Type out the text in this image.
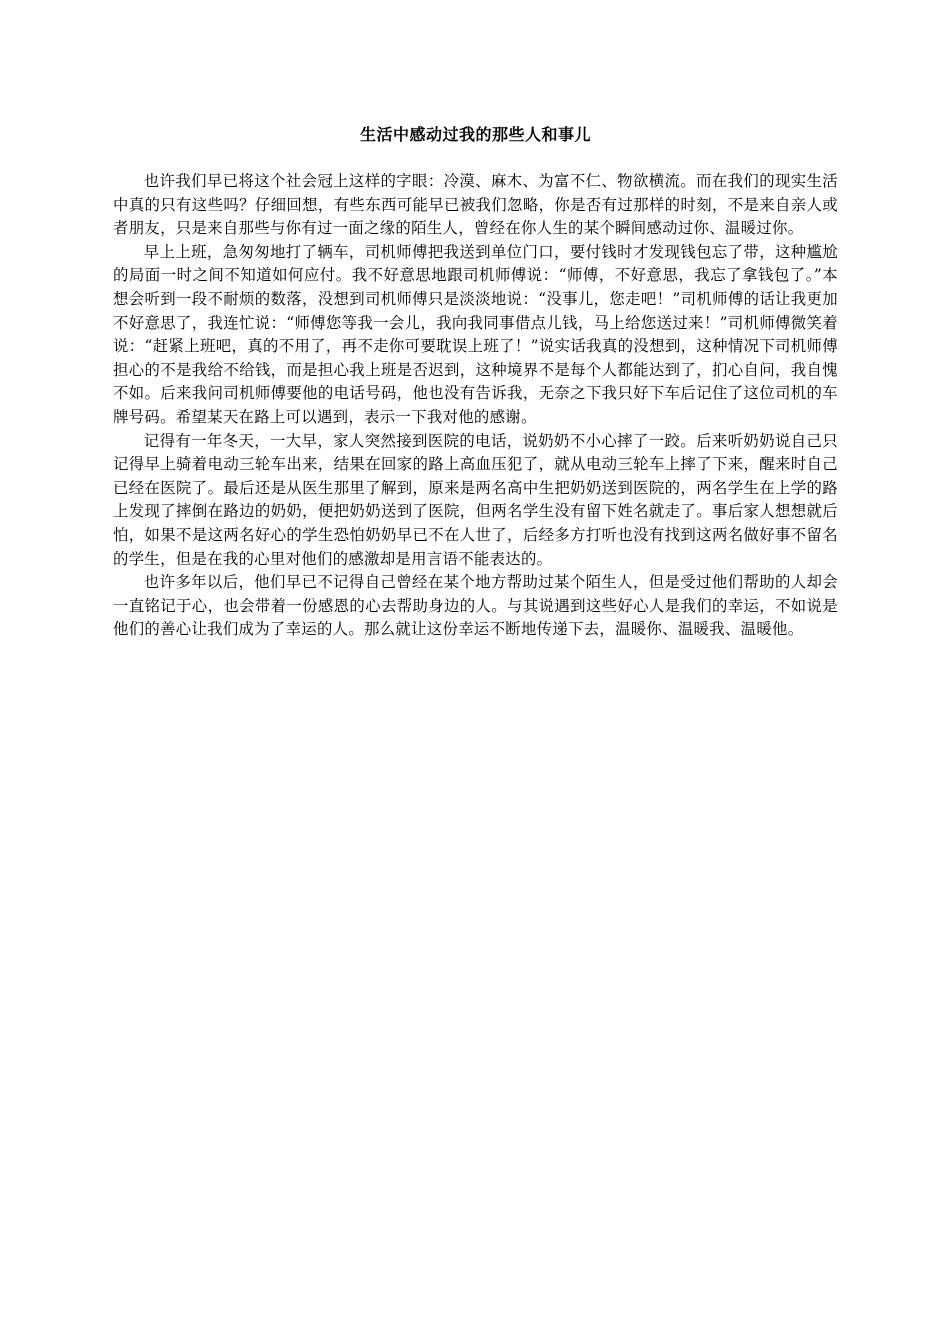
生活中感动过我的那些人和事儿

也许我们早已将这个社会冠上这样的字眼：冷漠、麻木、为富不仁、物欲横流。而在我们的现实生活中真的只有这些吗？仔细回想，有些东西可能早已被我们忽略，你是否有过那样的时刻，不是来自亲人或者朋友，只是来自那些与你有过一面之缘的陌生人，曾经在你人生的某个瞬间感动过你、温暖过你。

早上上班，急匆匆地打了辆车，司机师傅把我送到单位门口，要付钱时才发现钱包忘了带，这种尴尬的局面一时之间不知道如何应付。我不好意思地跟司机师傅说：“师傅，不好意思，我忘了拿钱包了。”本想会听到一段不耐烦的数落，没想到司机师傅只是淡淡地说：“没事儿，您走吧！”司机师傅的话让我更加不好意思了，我连忙说：“师傅您等我一会儿，我向我同事借点儿钱，马上给您送过来！”司机师傅微笑着说：“赶紧上班吧，真的不用了，再不走你可要耽误上班了！”说实话我真的没想到，这种情况下司机师傅担心的不是我给不给钱，而是担心我上班是否迟到，这种境界不是每个人都能达到了，扪心自问，我自愧不如。后来我问司机师傅要他的电话号码，他也没有告诉我，无奈之下我只好下车后记住了这位司机的车牌号码。希望某天在路上可以遇到，表示一下我对他的感谢。

记得有一年冬天，一大早，家人突然接到医院的电话，说奶奶不小心摔了一跤。后来听奶奶说自己只记得早上骑着电动三轮车出来，结果在回家的路上高血压犯了，就从电动三轮车上摔了下来，醒来时自己已经在医院了。最后还是从医生那里了解到，原来是两名高中生把奶奶送到医院的，两名学生在上学的路上发现了摔倒在路边的奶奶，便把奶奶送到了医院，但两名学生没有留下姓名就走了。事后家人想想就后怕，如果不是这两名好心的学生恐怕奶奶早已不在人世了，后经多方打听也没有找到这两名做好事不留名的学生，但是在我的心里对他们的感激却是用言语不能表达的。

也许多年以后，他们早已不记得自己曾经在某个地方帮助过某个陌生人，但是受过他们帮助的人却会一直铭记于心，也会带着一份感恩的心去帮助身边的人。与其说遇到这些好心人是我们的幸运，不如说是他们的善心让我们成为了幸运的人。那么就让这份幸运不断地传递下去，温暖你、温暖我、温暖他。
